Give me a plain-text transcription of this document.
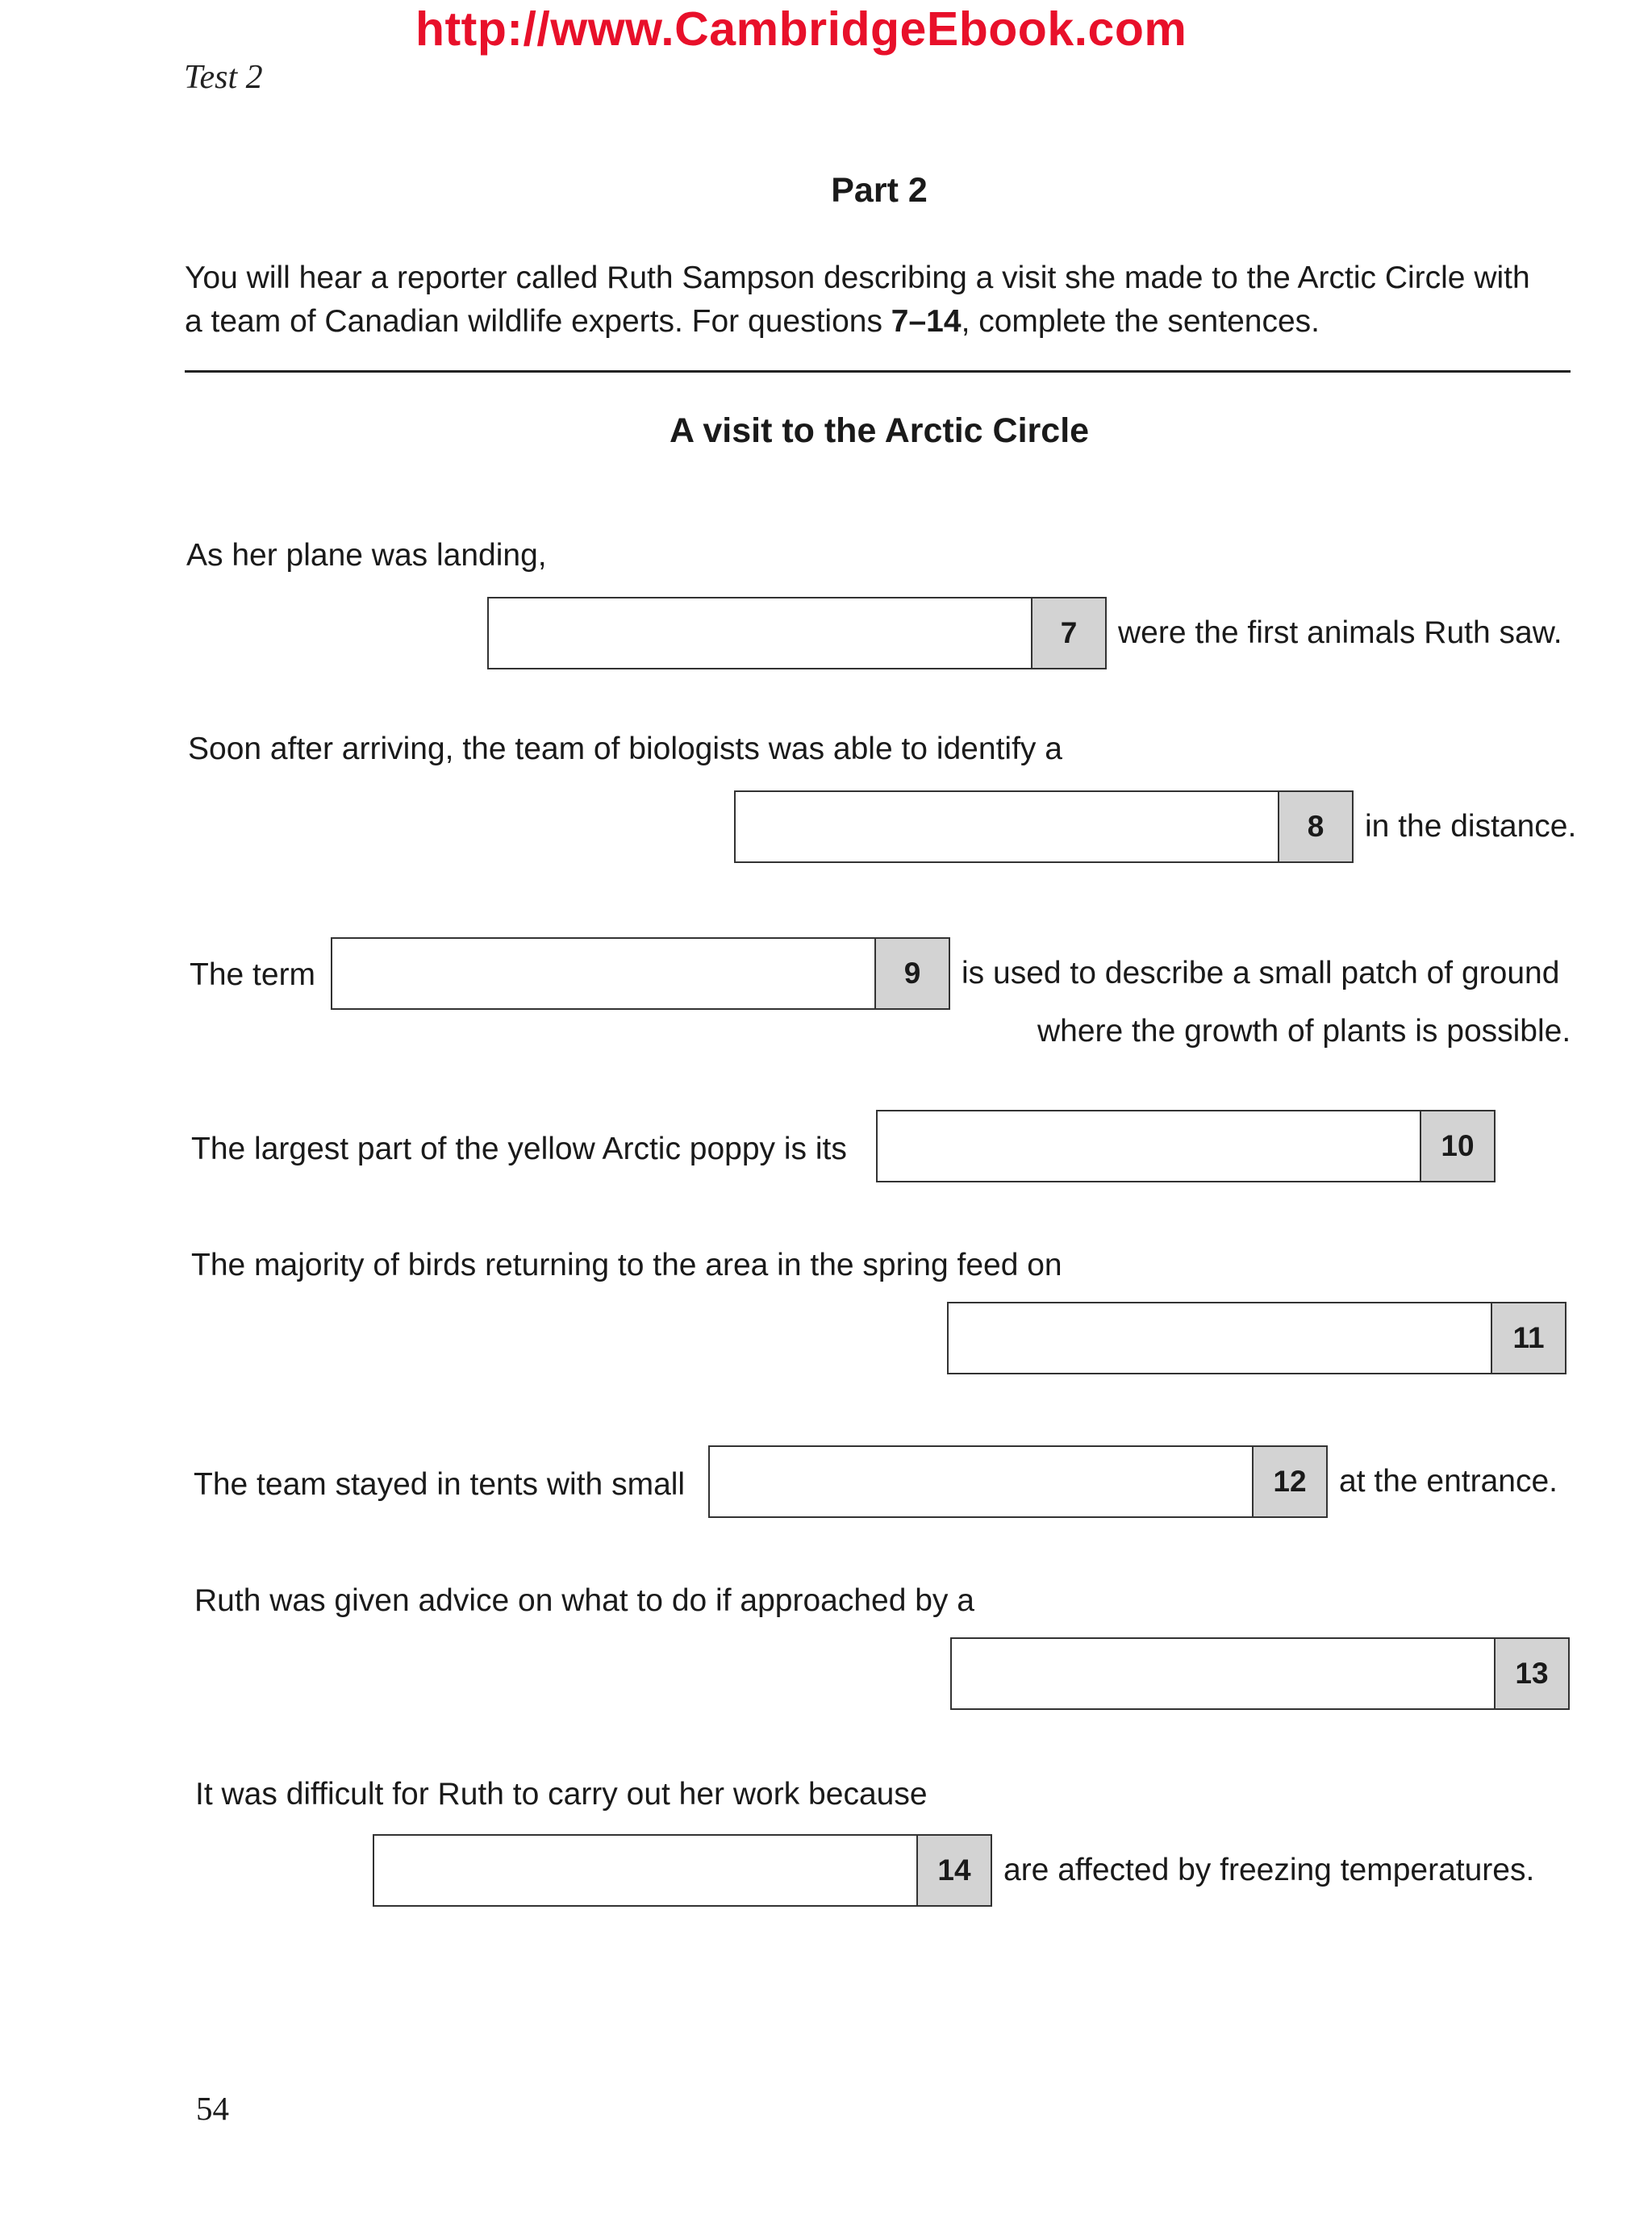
http://www.CambridgeEbook.com
Test 2
Part 2
You will hear a reporter called Ruth Sampson describing a visit she made to the Arctic Circle with
a team of Canadian wildlife experts. For questions 7–14, complete the sentences.
A visit to the Arctic Circle
As her plane was landing,
7	were the first animals Ruth saw.
Soon after arriving, the team of biologists was able to identify a
8	in the distance.
The term	9	is used to describe a small patch of ground
where the growth of plants is possible.
The largest part of the yellow Arctic poppy is its	10
The majority of birds returning to the area in the spring feed on
11
The team stayed in tents with small	12	at the entrance.
Ruth was given advice on what to do if approached by a
13
It was difficult for Ruth to carry out her work because
14	are affected by freezing temperatures.
54
